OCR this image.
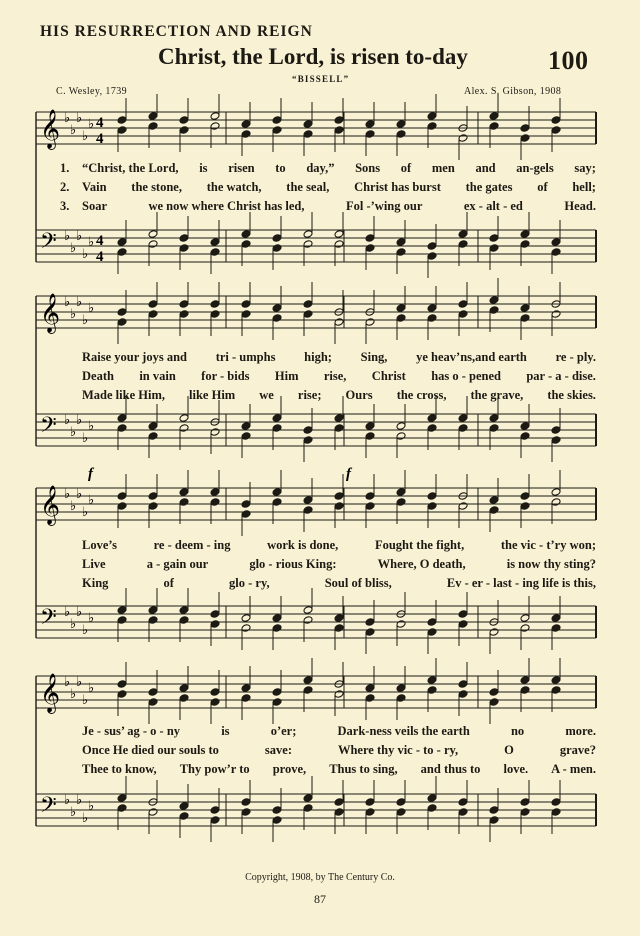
HIS RESURRECTION AND REIGN
Christ, the Lord, is risen to-day	100
“BISSELL”
C. Wesley, 1739	Alex. S. Gibson, 1908
𝄞 ♭
♭
♭
♭
♭ 4
4
𝄢 ♭
♭
♭
♭
♭ 4
4
1. “Christ, the Lord, is risen to day,” Sons of men and an-gels say;
2. Vain the stone, the watch, the seal, Christ has burst the gates of hell;
3. Soar	we now where Christ has led,	Fol -’wing our	ex - alt - ed	Head.
𝄞 ♭
♭
♭
♭
♭
𝄢 ♭
♭
♭
♭
♭
Raise your joys and tri - umphs high; Sing, ye heav’ns,and earth re - ply.
Death in vain for - bids Him rise, Christ has o - pened par - a - dise.
Made like Him, like Him we rise; Ours the cross, the grave, the skies.
𝄞 ♭
♭
♭
♭
♭
𝄢 ♭
♭
♭
♭
♭
f	f
Love’s	re - deem - ing	work is done,	Fought the fight,	the vic - t’ry won;
Live	a - gain our	glo - rious King:	Where, O death,	is now thy sting?
King	of	glo - ry,	Soul of bliss,	Ev - er - last - ing life is this,
𝄞 ♭
♭
♭
♭
♭
𝄢 ♭
♭
♭
♭
♭
Je - sus’ ag - o - ny	is	o’er;	Dark-ness veils the earth	no	more.
Once He died our souls to	save:	Where thy vic - to - ry,	O	grave?
Thee to know, Thy pow’r to prove, Thus to sing, and thus to love. A - men.
Copyright, 1908, by The Century Co.
87
